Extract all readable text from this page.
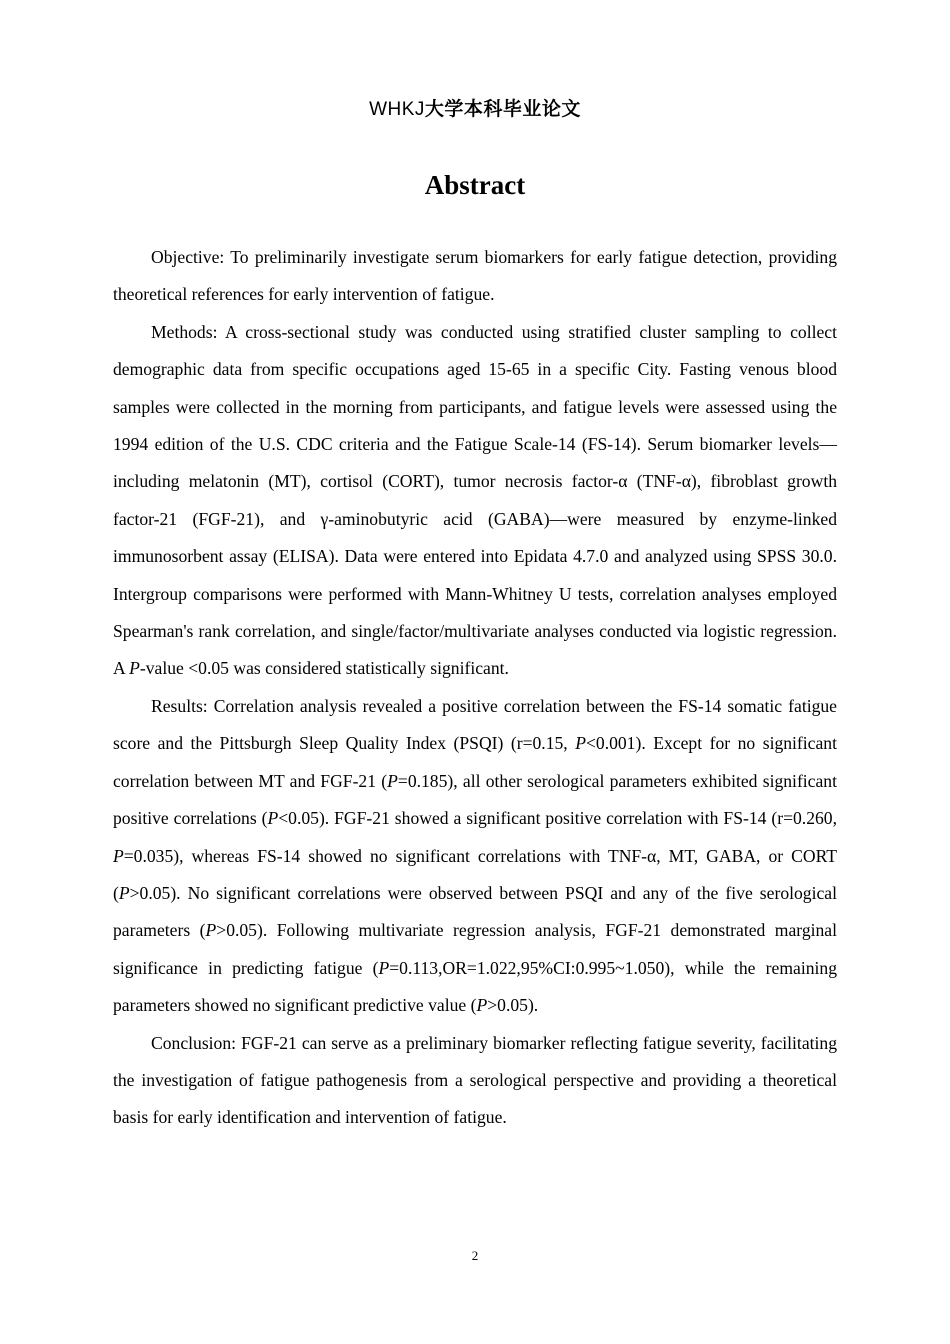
WHKJ大学本科毕业论文
Abstract

Objective: To preliminarily investigate serum biomarkers for early fatigue detection, providing theoretical references for early intervention of fatigue.

Methods: A cross-sectional study was conducted using stratified cluster sampling to collect demographic data from specific occupations aged 15-65 in a specific City. Fasting venous blood samples were collected in the morning from participants, and fatigue levels were assessed using the 1994 edition of the U.S. CDC criteria and the Fatigue Scale-14 (FS-14). Serum biomarker levels—including melatonin (MT), cortisol (CORT), tumor necrosis factor-α (TNF-α), fibroblast growth factor-21 (FGF-21), and γ-aminobutyric acid (GABA)—were measured by enzyme-linked immunosorbent assay (ELISA). Data were entered into Epidata 4.7.0 and analyzed using SPSS 30.0. Intergroup comparisons were performed with Mann-Whitney U tests, correlation analyses employed Spearman's rank correlation, and single/factor/multivariate analyses conducted via logistic regression. A P-value <0.05 was considered statistically significant.

Results: Correlation analysis revealed a positive correlation between the FS-14 somatic fatigue score and the Pittsburgh Sleep Quality Index (PSQI) (r=0.15, P<0.001). Except for no significant correlation between MT and FGF-21 (P=0.185), all other serological parameters exhibited significant positive correlations (P<0.05). FGF-21 showed a significant positive correlation with FS-14 (r=0.260, P=0.035), whereas FS-14 showed no significant correlations with TNF-α, MT, GABA, or CORT (P>0.05). No significant correlations were observed between PSQI and any of the five serological parameters (P>0.05). Following multivariate regression analysis, FGF-21 demonstrated marginal significance in predicting fatigue (P=0.113,OR=1.022,95%CI:0.995~1.050), while the remaining parameters showed no significant predictive value (P>0.05).

Conclusion: FGF-21 can serve as a preliminary biomarker reflecting fatigue severity, facilitating the investigation of fatigue pathogenesis from a serological perspective and providing a theoretical basis for early identification and intervention of fatigue.

2
